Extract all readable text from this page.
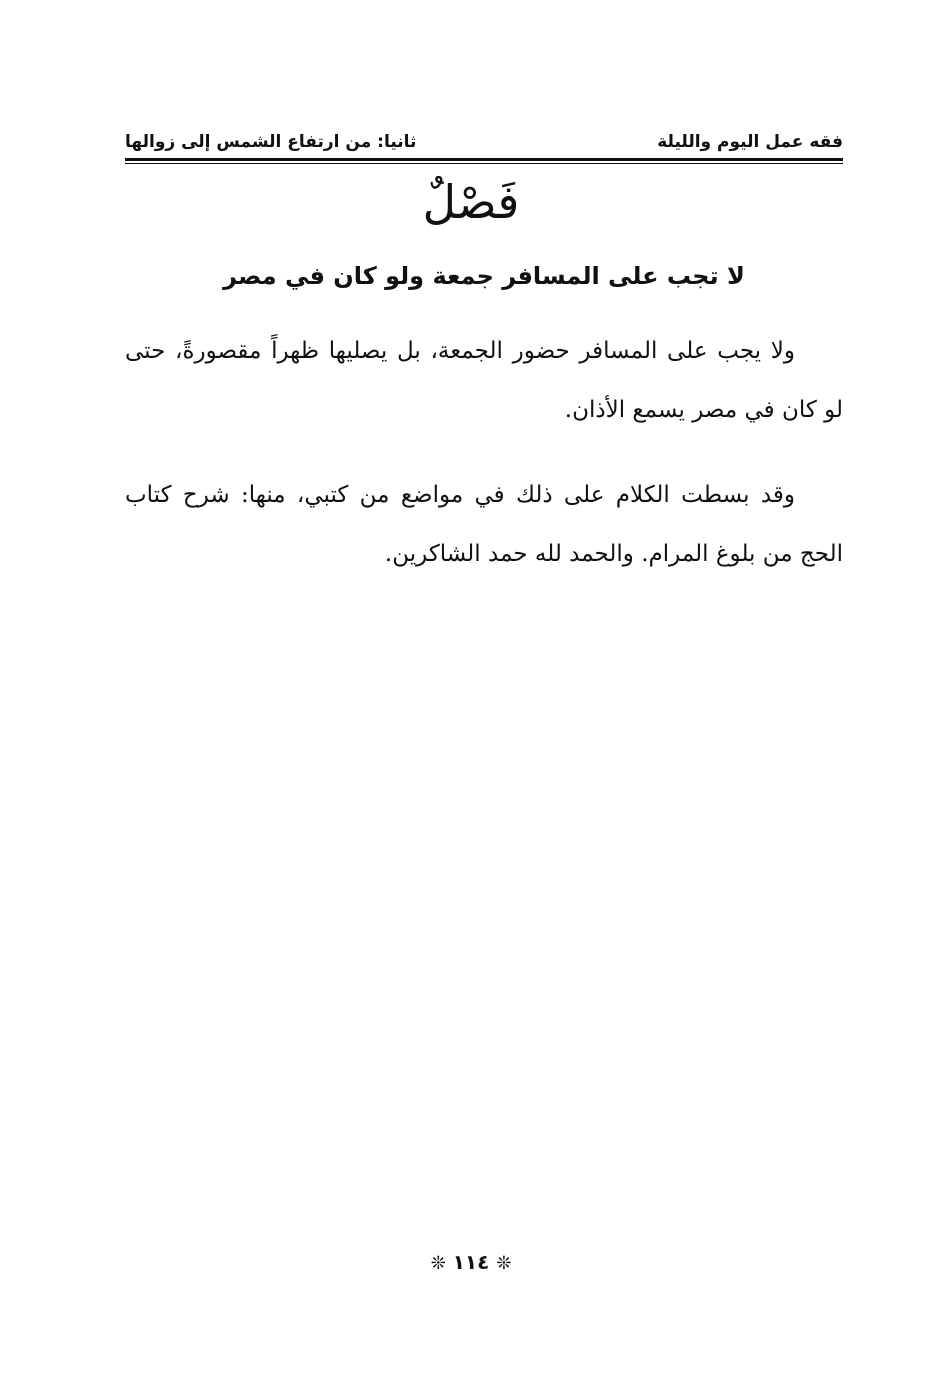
فقه عمل اليوم والليلة
ثانيا: من ارتفاع الشمس إلى زوالها
فَصْلٌ
لا تجب على المسافر جمعة ولو كان في مصر

ولا يجب على المسافر حضور الجمعة، بل يصليها ظهراً مقصورةً، حتى لو كان في مصر يسمع الأذان.

وقد بسطت الكلام على ذلك في مواضع من كتبي، منها: شرح كتاب الحج من بلوغ المرام. والحمد لله حمد الشاكرين.

❊ ١١٤ ❊
